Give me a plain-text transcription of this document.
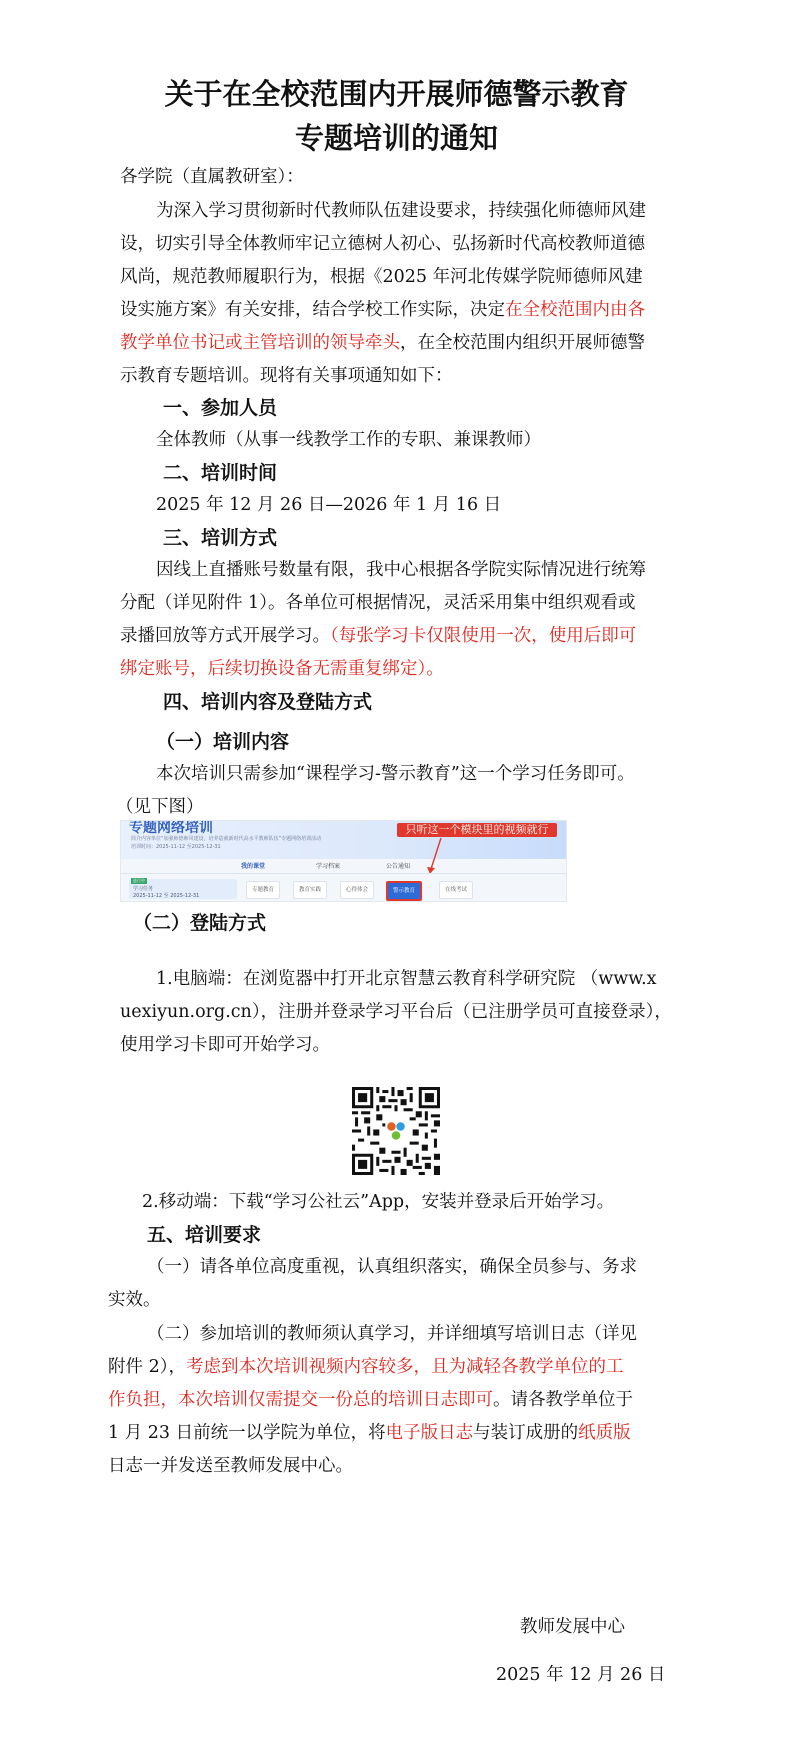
关于在全校范围内开展师德警示教育
专题培训的通知
各学院（直属教研室）：
为深入学习贯彻新时代教师队伍建设要求，持续强化师德师风建
设，切实引导全体教师牢记立德树人初心、弘扬新时代高校教师道德
风尚，规范教师履职行为，根据《2025 年河北传媒学院师德师风建
设实施方案》有关安排，结合学校工作实际，决定在全校范围内由各
教学单位书记或主管培训的领导牵头，在全校范围内组织开展师德警
示教育专题培训。现将有关事项通知如下：
一、参加人员
全体教师（从事一线教学工作的专职、兼课教师）
二、培训时间
2025 年 12 月 26 日—2026 年 1 月 16 日
三、培训方式
因线上直播账号数量有限，我中心根据各学院实际情况进行统筹
分配（详见附件 1）。各单位可根据情况，灵活采用集中组织观看或
录播回放等方式开展学习。（每张学习卡仅限使用一次，使用后即可
绑定账号，后续切换设备无需重复绑定）。
四、培训内容及登陆方式
（一）培训内容
本次培训只需参加“课程学习-警示教育”这一个学习任务即可。
（见下图）
专题网络培训
简介内容单位“加强师德师风建设，培养造就新时代高水平教师队伍”专题网络培训活动
培训时间：2025-11-12 至2025-12-31
只听这一个模块里的视频就行
我的课堂	学习档案	公告通知
进行中
学习任务
2025-11-12 至 2025-12-31
专题教育	教育实践	心得体会	警示教育	在线考试
（二）登陆方式
1.电脑端：在浏览器中打开北京智慧云教育科学研究院 （www.x
uexiyun.org.cn），注册并登录学习平台后（已注册学员可直接登录），
使用学习卡即可开始学习。
2.移动端：下载“学习公社云”App，安装并登录后开始学习。
五、培训要求
（一）请各单位高度重视，认真组织落实，确保全员参与、务求
实效。
（二）参加培训的教师须认真学习，并详细填写培训日志（详见
附件 2），考虑到本次培训视频内容较多，且为减轻各教学单位的工
作负担，本次培训仅需提交一份总的培训日志即可。请各教学单位于
1 月 23 日前统一以学院为单位，将电子版日志与装订成册的纸质版
日志一并发送至教师发展中心。
教师发展中心
2025 年 12 月 26 日
